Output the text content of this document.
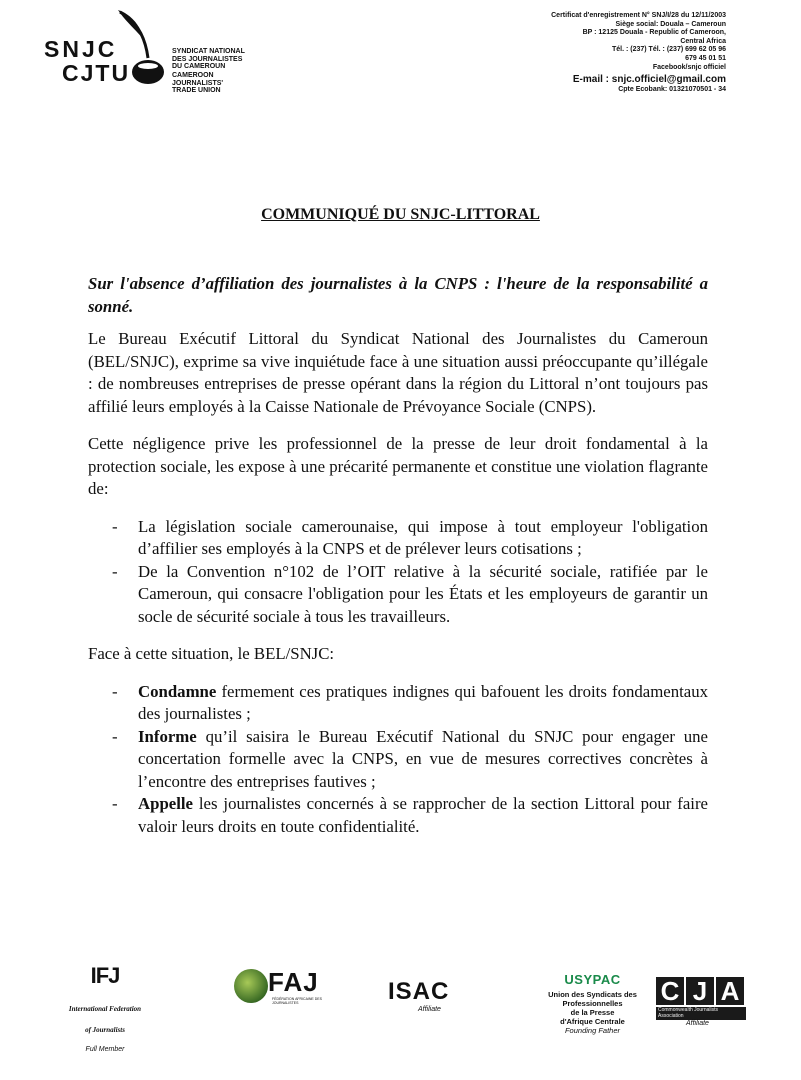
SNJC
CJTU
SYNDICAT NATIONAL
DES JOURNALISTES
DU CAMEROUN
CAMEROON
JOURNALISTS'
TRADE UNION
Certificat d'enregistrement N° SNJ/I/28 du 12/11/2003
Siège social: Douala – Cameroun
BP : 12125 Douala - Republic of Cameroon,
Central Africa
Tél. : (237) Tél. : (237) 699 62 05 96
679 45 01 51
Facebook/snjc officiel
E-mail : snjc.officiel@gmail.com
Cpte Ecobank: 01321070501 - 34
COMMUNIQUÉ DU SNJC-LITTORAL

Sur l'absence d’affiliation des journalistes à la CNPS : l'heure de la responsabilité a sonné.

Le Bureau Exécutif Littoral du Syndicat National des Journalistes du Cameroun (BEL/SNJC), exprime sa vive inquiétude face à une situation aussi préoccupante qu’illégale : de nombreuses entreprises de presse opérant dans la région du Littoral n’ont toujours pas affilié leurs employés à la Caisse Nationale de Prévoyance Sociale (CNPS).

Cette négligence prive les professionnel de la presse de leur droit fondamental à la protection sociale, les expose à une précarité permanente et constitue une violation flagrante de:

- La législation sociale camerounaise, qui impose à tout employeur l'obligation d’affilier ses employés à la CNPS et de prélever leurs cotisations ;
- De la Convention n°102 de l’OIT relative à la sécurité sociale, ratifiée par le Cameroun, qui consacre l'obligation pour les États et les employeurs de garantir un socle de sécurité sociale à tous les travailleurs.

Face à cette situation, le BEL/SNJC:

- Condamne fermement ces pratiques indignes qui bafouent les droits fondamentaux des journalistes ;
- Informe qu’il saisira le Bureau Exécutif National du SNJC pour engager une concertation formelle avec la CNPS, en vue de mesures correctives concrètes à l’encontre des entreprises fautives ;
- Appelle les journalistes concernés à se rapprocher de la section Littoral pour faire valoir leurs droits en toute confidentialité.
IFJ
International Federation
of Journalists
Full Member
FAJ
FÉDÉRATION AFRICAINE DES JOURNALISTES	ISAC
Affiliate
USYPAC
Union des Syndicats des
Professionnelles
de la Presse
d'Afrique Centrale
Founding Father
C J A
Commonwealth Journalists Association
Affiliate
